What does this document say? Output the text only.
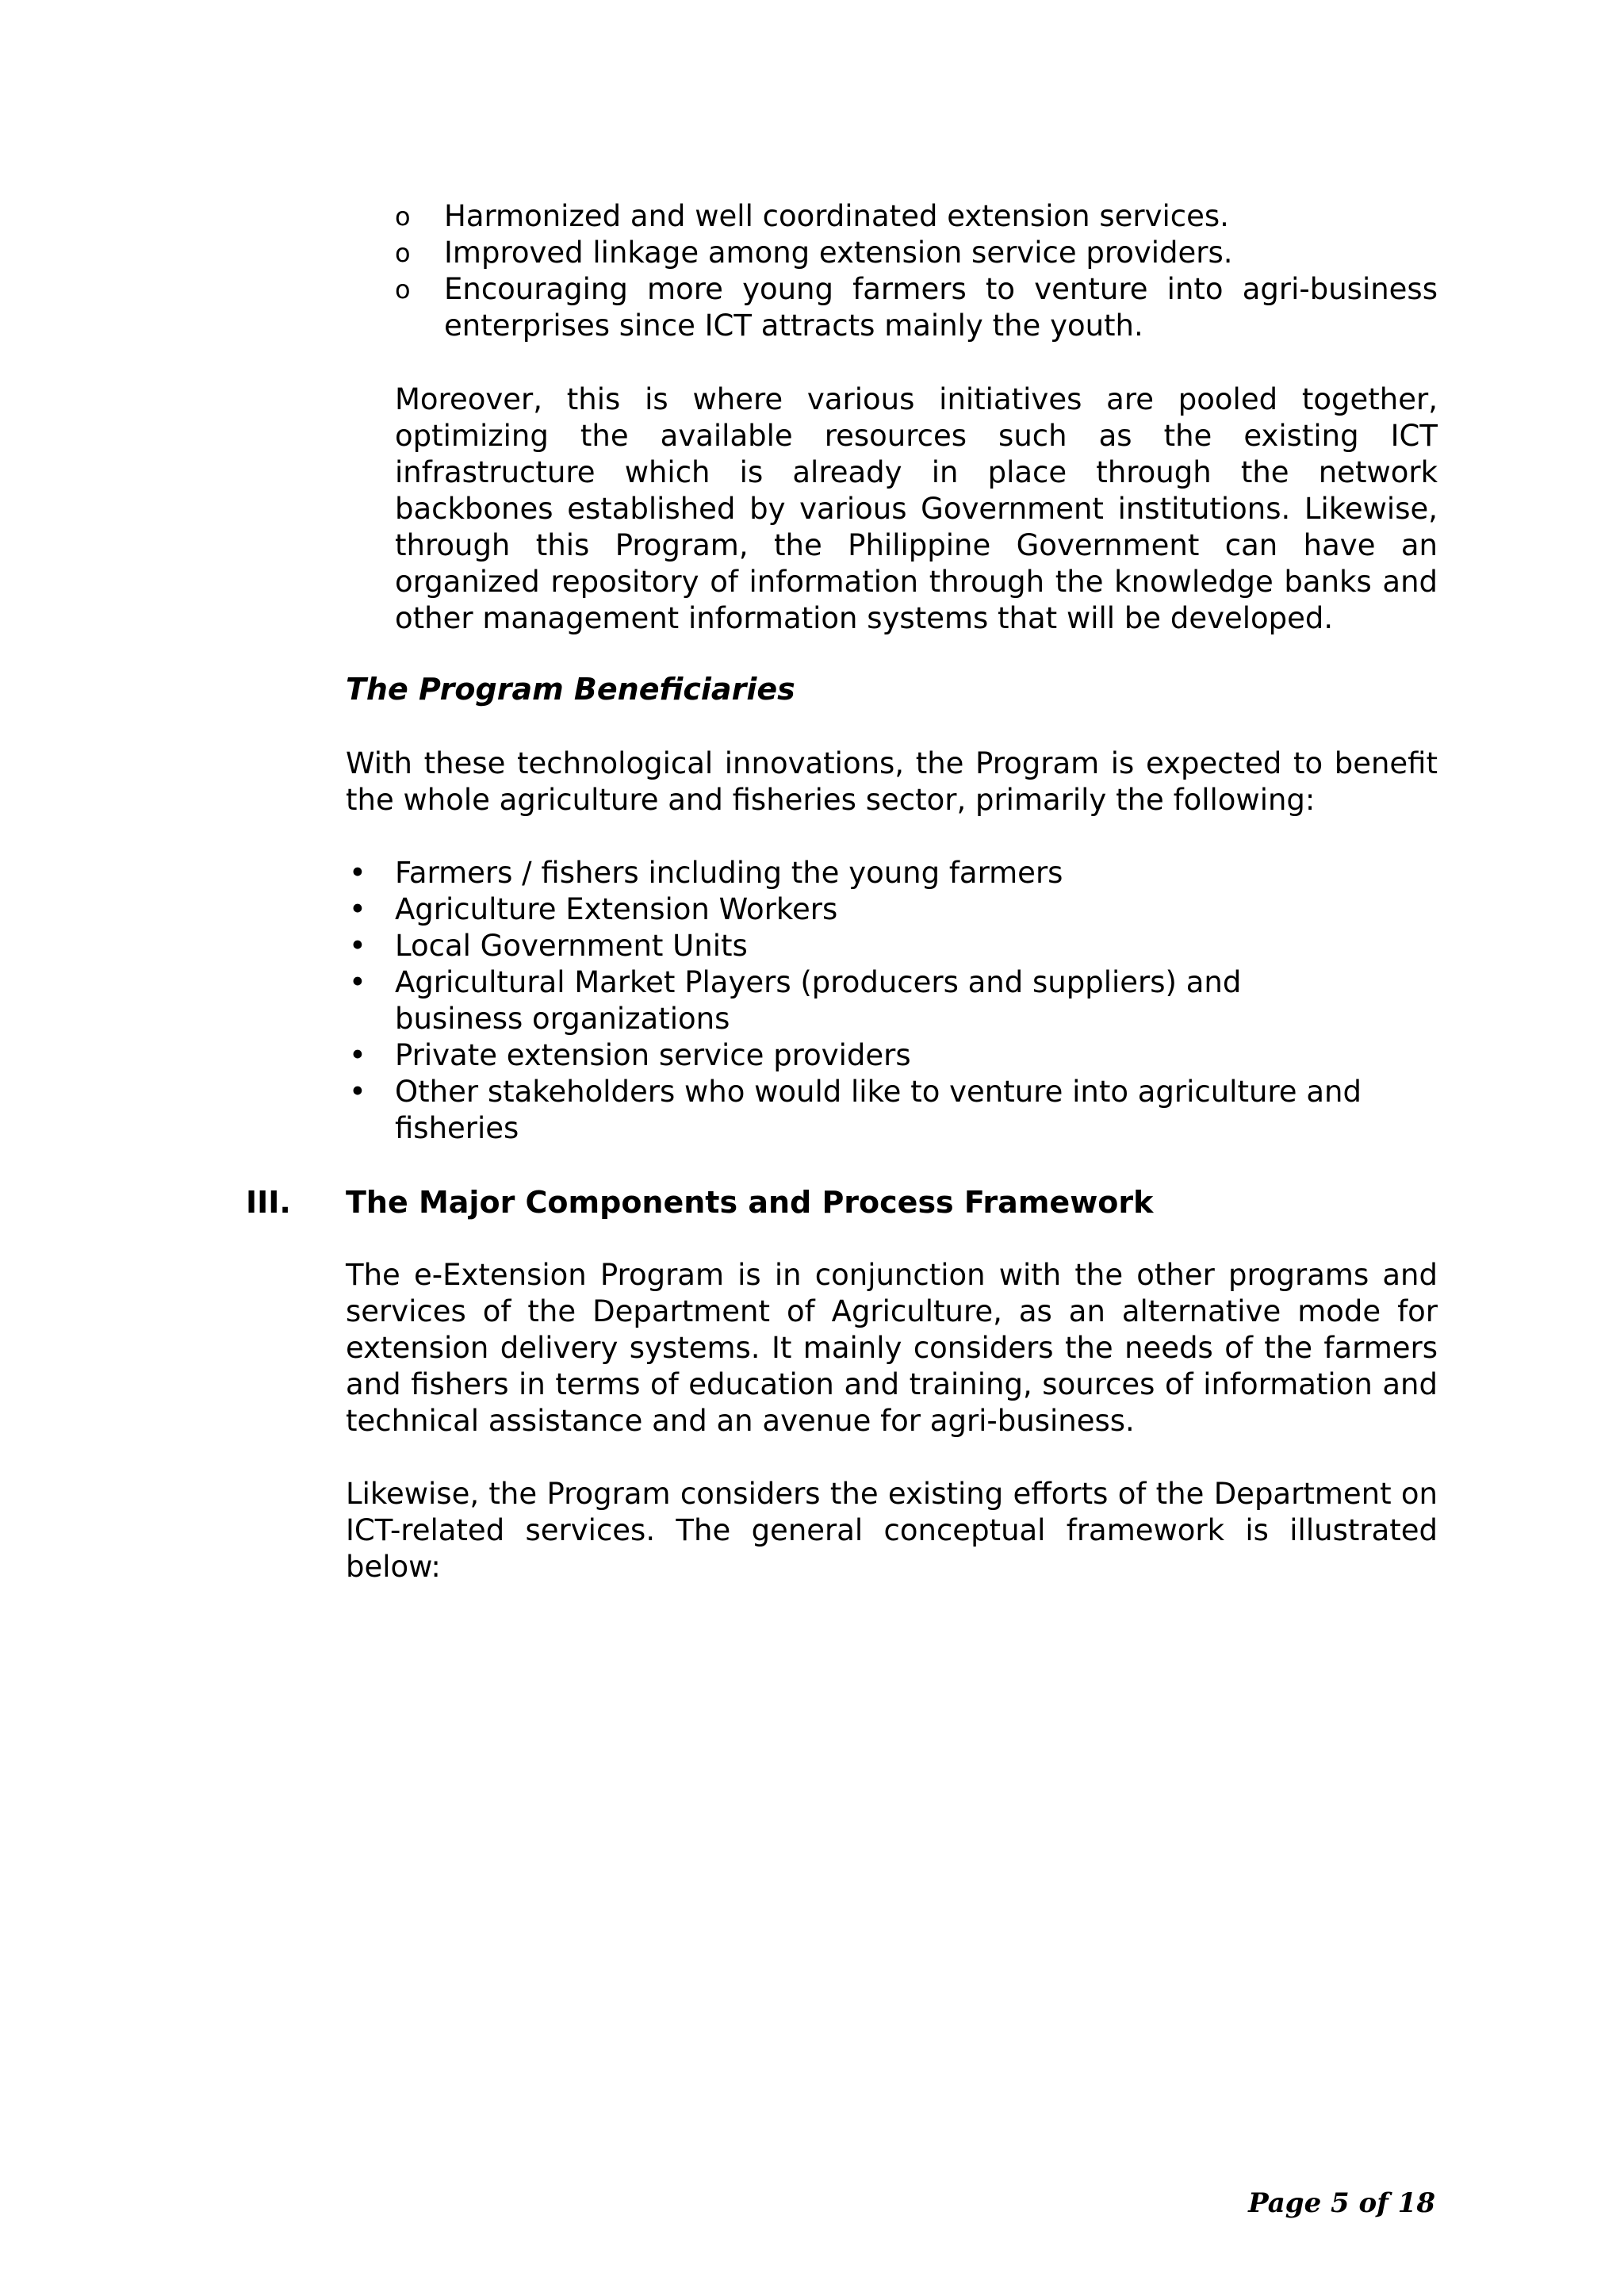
o Harmonized and well coordinated extension services.
o Improved linkage among extension service providers.
o Encouraging more young farmers to venture into agri-business enterprises since ICT attracts mainly the youth.

Moreover, this is where various initiatives are pooled together, optimizing the available resources such as the existing ICT infrastructure which is already in place through the network backbones established by various Government institutions. Likewise, through this Program, the Philippine Government can have an organized repository of information through the knowledge banks and other management information systems that will be developed.

The Program Beneficiaries

With these technological innovations, the Program is expected to benefit the whole agriculture and fisheries sector, primarily the following:

• Farmers / fishers including the young farmers
• Agriculture Extension Workers
• Local Government Units
• Agricultural Market Players (producers and suppliers) and business organizations
• Private extension service providers
• Other stakeholders who would like to venture into agriculture and fisheries
III. The Major Components and Process Framework

The e-Extension Program is in conjunction with the other programs and services of the Department of Agriculture, as an alternative mode for extension delivery systems. It mainly considers the needs of the farmers and fishers in terms of education and training, sources of information and technical assistance and an avenue for agri-business.

Likewise, the Program considers the existing efforts of the Department on ICT-related services. The general conceptual framework is illustrated below:

Page 5 of 18
